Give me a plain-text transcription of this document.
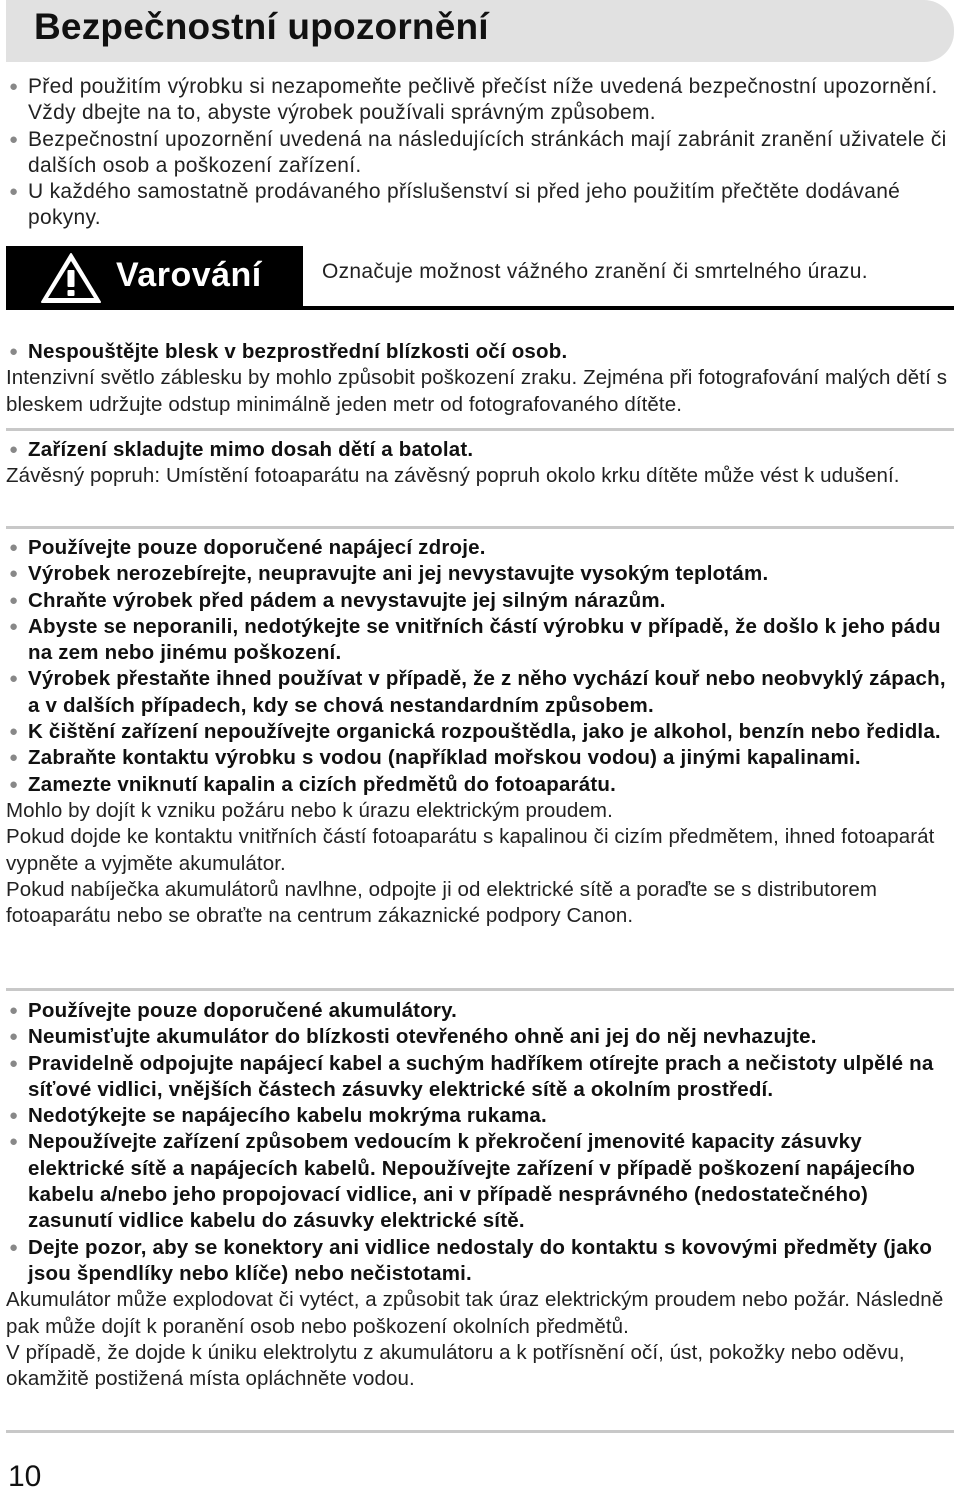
Bezpečnostní upozornění
● Před použitím výrobku si nezapomeňte pečlivě přečíst níže uvedená bezpečnostní upozornění. Vždy dbejte na to, abyste výrobek používali správným způsobem.
● Bezpečnostní upozornění uvedená na následujících stránkách mají zabránit zranění uživatele či dalších osob a poškození zařízení.
● U každého samostatně prodávaného příslušenství si před jeho použitím přečtěte dodávané pokyny.
Varování	Označuje možnost vážného zranění či smrtelného úrazu.
● Nespouštějte blesk v bezprostřední blízkosti očí osob.
Intenzivní světlo záblesku by mohlo způsobit poškození zraku. Zejména při fotografování malých dětí s bleskem udržujte odstup minimálně jeden metr od fotografovaného dítěte.
● Zařízení skladujte mimo dosah dětí a batolat.
Závěsný popruh: Umístění fotoaparátu na závěsný popruh okolo krku dítěte může vést k udušení.
● Používejte pouze doporučené napájecí zdroje.
● Výrobek nerozebírejte, neupravujte ani jej nevystavujte vysokým teplotám.
● Chraňte výrobek před pádem a nevystavujte jej silným nárazům.
● Abyste se neporanili, nedotýkejte se vnitřních částí výrobku v případě, že došlo k jeho pádu na zem nebo jinému poškození.
● Výrobek přestaňte ihned používat v případě, že z něho vychází kouř nebo neobvyklý zápach, a v dalších případech, kdy se chová nestandardním způsobem.
● K čištění zařízení nepoužívejte organická rozpouštědla, jako je alkohol, benzín nebo ředidla.
● Zabraňte kontaktu výrobku s vodou (například mořskou vodou) a jinými kapalinami.
● Zamezte vniknutí kapalin a cizích předmětů do fotoaparátu.
Mohlo by dojít k vzniku požáru nebo k úrazu elektrickým proudem.
Pokud dojde ke kontaktu vnitřních částí fotoaparátu s kapalinou či cizím předmětem, ihned fotoaparát vypněte a vyjměte akumulátor.
Pokud nabíječka akumulátorů navlhne, odpojte ji od elektrické sítě a poraďte se s distributorem fotoaparátu nebo se obraťte na centrum zákaznické podpory Canon.
● Používejte pouze doporučené akumulátory.
● Neumisťujte akumulátor do blízkosti otevřeného ohně ani jej do něj nevhazujte.
● Pravidelně odpojujte napájecí kabel a suchým hadříkem otírejte prach a nečistoty ulpělé na síťové vidlici, vnějších částech zásuvky elektrické sítě a okolním prostředí.
● Nedotýkejte se napájecího kabelu mokrýma rukama.
● Nepoužívejte zařízení způsobem vedoucím k překročení jmenovité kapacity zásuvky elektrické sítě a napájecích kabelů. Nepoužívejte zařízení v případě poškození napájecího kabelu a/nebo jeho propojovací vidlice, ani v případě nesprávného (nedostatečného) zasunutí vidlice kabelu do zásuvky elektrické sítě.
● Dejte pozor, aby se konektory ani vidlice nedostaly do kontaktu s kovovými předměty (jako jsou špendlíky nebo klíče) nebo nečistotami.
Akumulátor může explodovat či vytéct, a způsobit tak úraz elektrickým proudem nebo požár. Následně pak může dojít k poranění osob nebo poškození okolních předmětů.
V případě, že dojde k úniku elektrolytu z akumulátoru a k potřísnění očí, úst, pokožky nebo oděvu, okamžitě postižená místa opláchněte vodou.
10
